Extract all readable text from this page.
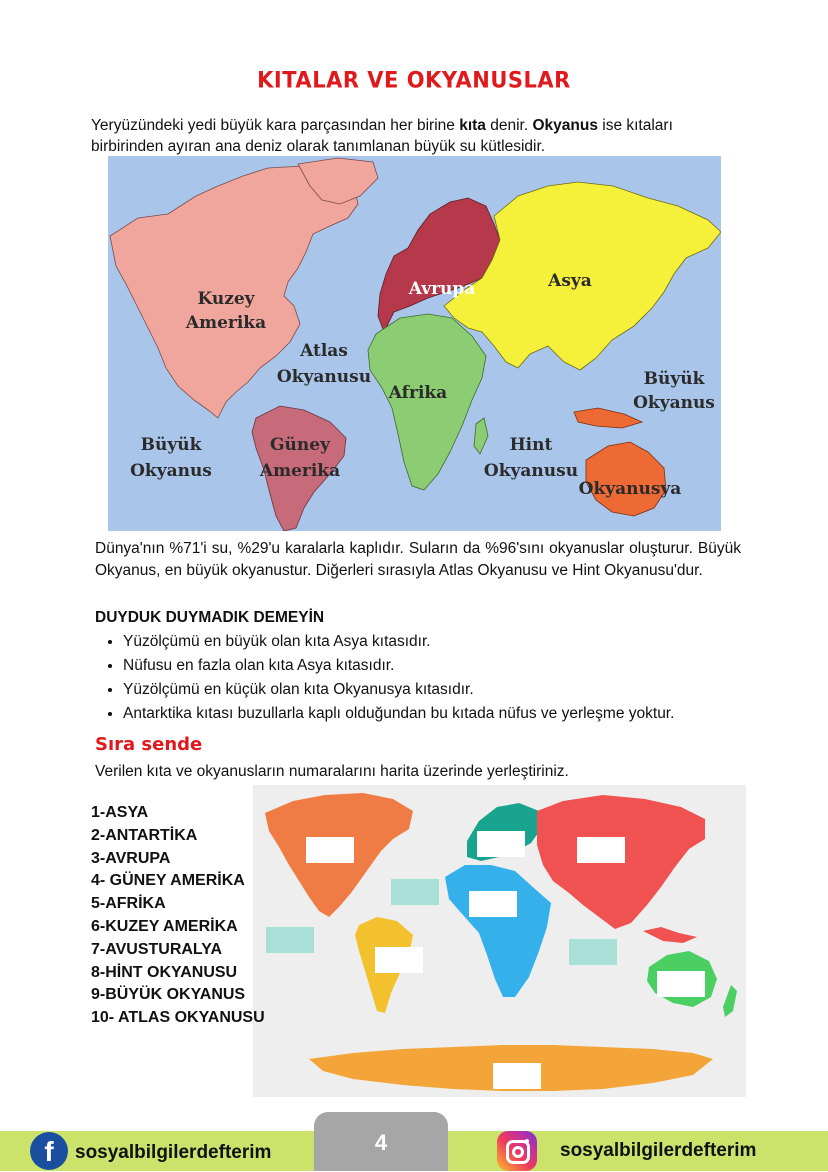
KITALAR VE OKYANUSLAR
Yeryüzündeki yedi büyük kara parçasından her birine kıta denir. Okyanus ise kıtaları birbirinden ayıran ana deniz olarak tanımlanan büyük su kütlesidir.
Kuzey
Amerika
Atlas
Okyanusu
Avrupa	Asya
Afrika
Büyük
Okyanus
Büyük
Okyanus
Güney
Amerika
Hint
Okyanusu
Okyanusya
Dünya'nın %71'i su, %29'u karalarla kaplıdır. Suların da %96'sını okyanuslar oluşturur. Büyük Okyanus, en büyük okyanustur. Diğerleri sırasıyla Atlas Okyanusu ve Hint Okyanusu'dur.
DUYDUK DUYMADIK DEMEYİN
• Yüzölçümü en büyük olan kıta Asya kıtasıdır.
• Nüfusu en fazla olan kıta Asya kıtasıdır.
• Yüzölçümü en küçük olan kıta Okyanusya kıtasıdır.
• Antarktika kıtası buzullarla kaplı olduğundan bu kıtada nüfus ve yerleşme yoktur.
Sıra sende
Verilen kıta ve okyanusların numaralarını harita üzerinde yerleştiriniz.
1-ASYA
2-ANTARTİKA
3-AVRUPA
4- GÜNEY AMERİKA
5-AFRİKA
6-KUZEY AMERİKA
7-AVUSTURALYA
8-HİNT OKYANUSU
9-BÜYÜK OKYANUS
10- ATLAS OKYANUSU
4
f	sosyalbilgilerdefterim	sosyalbilgilerdefterim
